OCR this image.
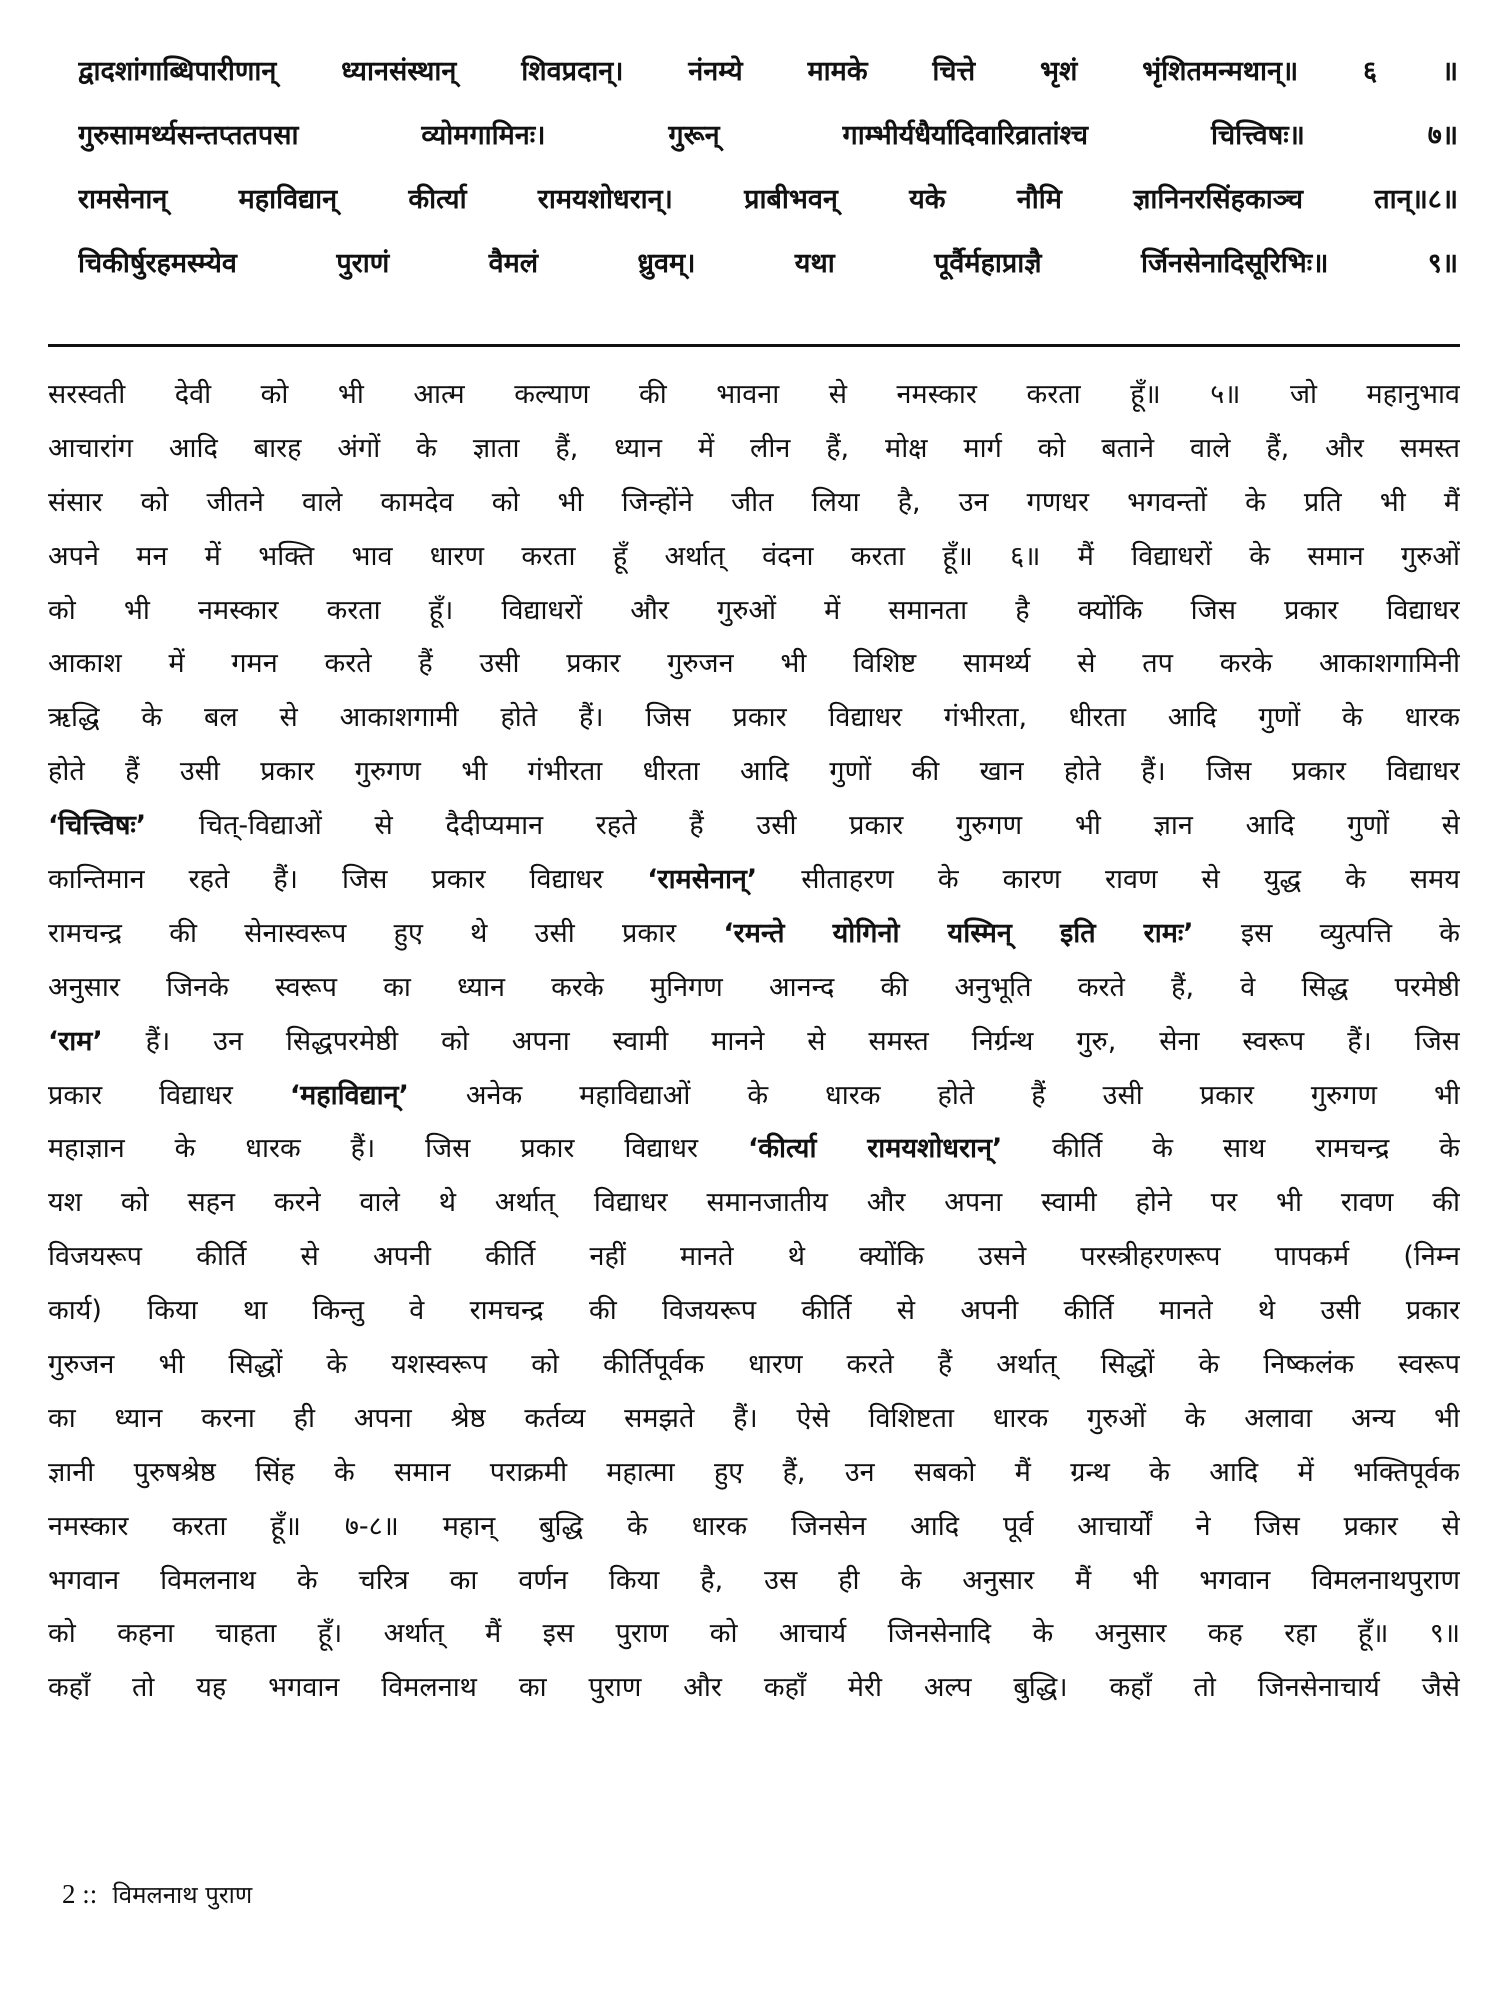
द्वादशांगाब्धिपारीणान् ध्यानसंस्थान् शिवप्रदान्। नंनम्ये मामके चित्ते भृशं भृंशितमन्मथान्॥ ६ ॥
गुरुसामर्थ्यसन्तप्ततपसा व्योमगामिनः। गुरून् गाम्भीर्यधैर्यादिवारिव्रातांश्च चित्त्विषः॥ ७॥
रामसेनान् महाविद्यान् कीर्त्या रामयशोधरान्। प्राबीभवन् यके नौमि ज्ञानिनरसिंहकाञ्च तान्॥८॥
चिकीर्षुरहमस्म्येव पुराणं वैमलं ध्रुवम्। यथा पूर्वैर्महाप्राज्ञै र्जिनसेनादिसूरिभिः॥ ९॥
सरस्वती देवी को भी आत्म कल्याण की भावना से नमस्कार करता हूँ॥ ५॥ जो महानुभाव
आचारांग आदि बारह अंगों के ज्ञाता हैं, ध्यान में लीन हैं, मोक्ष मार्ग को बताने वाले हैं, और समस्त
संसार को जीतने वाले कामदेव को भी जिन्होंने जीत लिया है, उन गणधर भगवन्तों के प्रति भी मैं
अपने मन में भक्ति भाव धारण करता हूँ अर्थात् वंदना करता हूँ॥ ६॥ मैं विद्याधरों के समान गुरुओं
को भी नमस्कार करता हूँ। विद्याधरों और गुरुओं में समानता है क्योंकि जिस प्रकार विद्याधर
आकाश में गमन करते हैं उसी प्रकार गुरुजन भी विशिष्ट सामर्थ्य से तप करके आकाशगामिनी
ऋद्धि के बल से आकाशगामी होते हैं। जिस प्रकार विद्याधर गंभीरता, धीरता आदि गुणों के धारक
होते हैं उसी प्रकार गुरुगण भी गंभीरता धीरता आदि गुणों की खान होते हैं। जिस प्रकार विद्याधर
‘चित्त्विषः’ चित्-विद्याओं से दैदीप्यमान रहते हैं उसी प्रकार गुरुगण भी ज्ञान आदि गुणों से
कान्तिमान रहते हैं। जिस प्रकार विद्याधर ‘रामसेनान्’ सीताहरण के कारण रावण से युद्ध के समय
रामचन्द्र की सेनास्वरूप हुए थे उसी प्रकार ‘रमन्ते योगिनो यस्मिन् इति रामः’ इस व्युत्पत्ति के
अनुसार जिनके स्वरूप का ध्यान करके मुनिगण आनन्द की अनुभूति करते हैं, वे सिद्ध परमेष्ठी
‘राम’ हैं। उन सिद्धपरमेष्ठी को अपना स्वामी मानने से समस्त निर्ग्रन्थ गुरु, सेना स्वरूप हैं। जिस
प्रकार विद्याधर ‘महाविद्यान्’ अनेक महाविद्याओं के धारक होते हैं उसी प्रकार गुरुगण भी
महाज्ञान के धारक हैं। जिस प्रकार विद्याधर ‘कीर्त्या रामयशोधरान्’ कीर्ति के साथ रामचन्द्र के
यश को सहन करने वाले थे अर्थात् विद्याधर समानजातीय और अपना स्वामी होने पर भी रावण की
विजयरूप कीर्ति से अपनी कीर्ति नहीं मानते थे क्योंकि उसने परस्त्रीहरणरूप पापकर्म (निम्न
कार्य) किया था किन्तु वे रामचन्द्र की विजयरूप कीर्ति से अपनी कीर्ति मानते थे उसी प्रकार
गुरुजन भी सिद्धों के यशस्वरूप को कीर्तिपूर्वक धारण करते हैं अर्थात् सिद्धों के निष्कलंक स्वरूप
का ध्यान करना ही अपना श्रेष्ठ कर्तव्य समझते हैं। ऐसे विशिष्टता धारक गुरुओं के अलावा अन्य भी
ज्ञानी पुरुषश्रेष्ठ सिंह के समान पराक्रमी महात्मा हुए हैं, उन सबको मैं ग्रन्थ के आदि में भक्तिपूर्वक
नमस्कार करता हूँ॥ ७-८॥ महान् बुद्धि के धारक जिनसेन आदि पूर्व आचार्यों ने जिस प्रकार से
भगवान विमलनाथ के चरित्र का वर्णन किया है, उस ही के अनुसार मैं भी भगवान विमलनाथपुराण
को कहना चाहता हूँ। अर्थात् मैं इस पुराण को आचार्य जिनसेनादि के अनुसार कह रहा हूँ॥ ९॥
कहाँ तो यह भगवान विमलनाथ का पुराण और कहाँ मेरी अल्प बुद्धि। कहाँ तो जिनसेनाचार्य जैसे
2 :: विमलनाथ पुराण
